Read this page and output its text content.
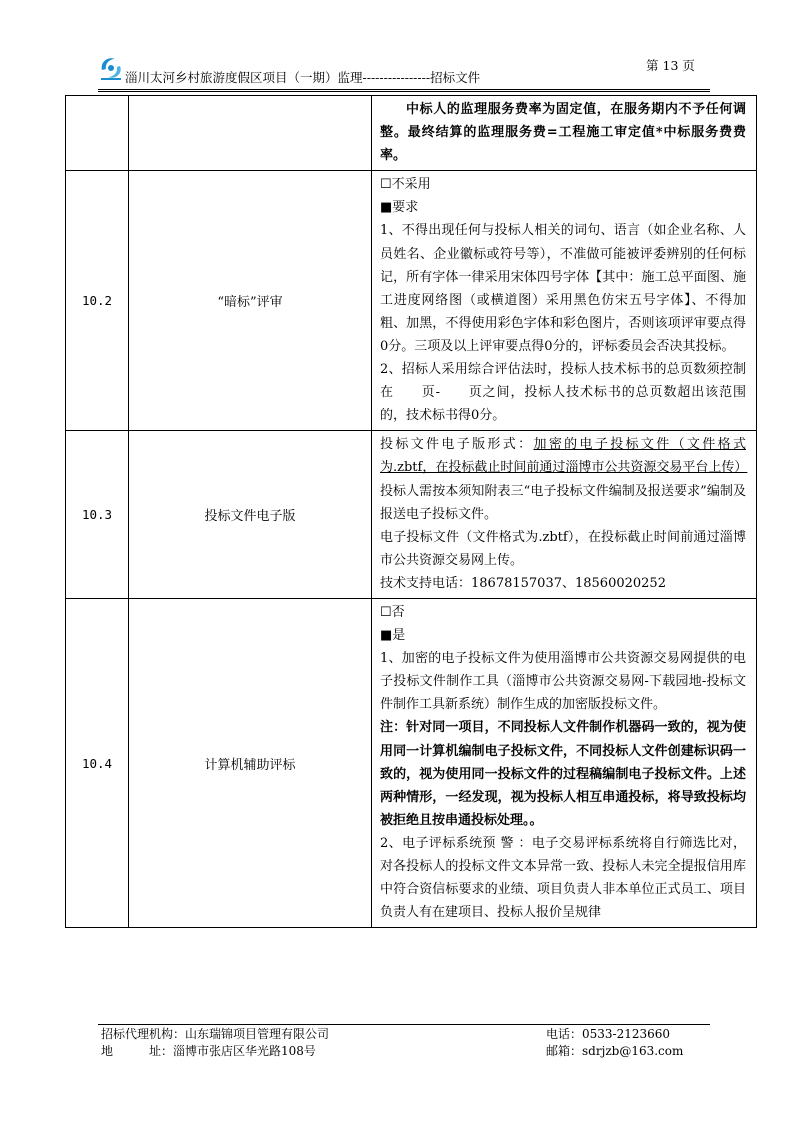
淄川太河乡村旅游度假区项目（一期）监理----------------招标文件
第 13 页

		中标人的监理服务费率为固定值，在服务期内不予任何调整。最终结算的监理服务费=工程施工审定值*中标服务费费率。

10.2	“暗标”评审	☐不采用
■要求
1、不得出现任何与投标人相关的词句、语言（如企业名称、人员姓名、企业徽标或符号等），不准做可能被评委辨别的任何标记，所有字体一律采用宋体四号字体【其中：施工总平面图、施工进度网络图（或横道图）采用黑色仿宋五号字体】、不得加粗、加黑，不得使用彩色字体和彩色图片，否则该项评审要点得0分。三项及以上评审要点得0分的，评标委员会否决其投标。
2、招标人采用综合评估法时，投标人技术标书的总页数须控制在　　页-　　页之间，投标人技术标书的总页数超出该范围的，技术标书得0分。

10.3	投标文件电子版	投标文件电子版形式：加密的电子投标文件（文件格式为.zbtf，在投标截止时间前通过淄博市公共资源交易平台上传）
投标人需按本须知附表三“电子投标文件编制及报送要求”编制及报送电子投标文件。
电子投标文件（文件格式为.zbtf），在投标截止时间前通过淄博市公共资源交易网上传。
技术支持电话：18678157037、18560020252

10.4	计算机辅助评标	☐否
■是
1、加密的电子投标文件为使用淄博市公共资源交易网提供的电子投标文件制作工具（淄博市公共资源交易网-下载园地-投标文件制作工具新系统）制作生成的加密版投标文件。
注：针对同一项目，不同投标人文件制作机器码一致的，视为使用同一计算机编制电子投标文件，不同投标人文件创建标识码一致的，视为使用同一投标文件的过程稿编制电子投标文件。上述两种情形，一经发现，视为投标人相互串通投标，将导致投标均被拒绝且按串通投标处理。。
2、电子评标系统预 警 ：电子交易评标系统将自行筛选比对，对各投标人的投标文件文本异常一致、投标人未完全提报信用库中符合资信标要求的业绩、项目负责人非本单位正式员工、项目负责人有在建项目、投标人报价呈规律
招标代理机构：山东瑞锦项目管理有限公司	电话：0533-2123660
地　　　址：淄博市张店区华光路108号	邮箱：sdrjzb@163.com
